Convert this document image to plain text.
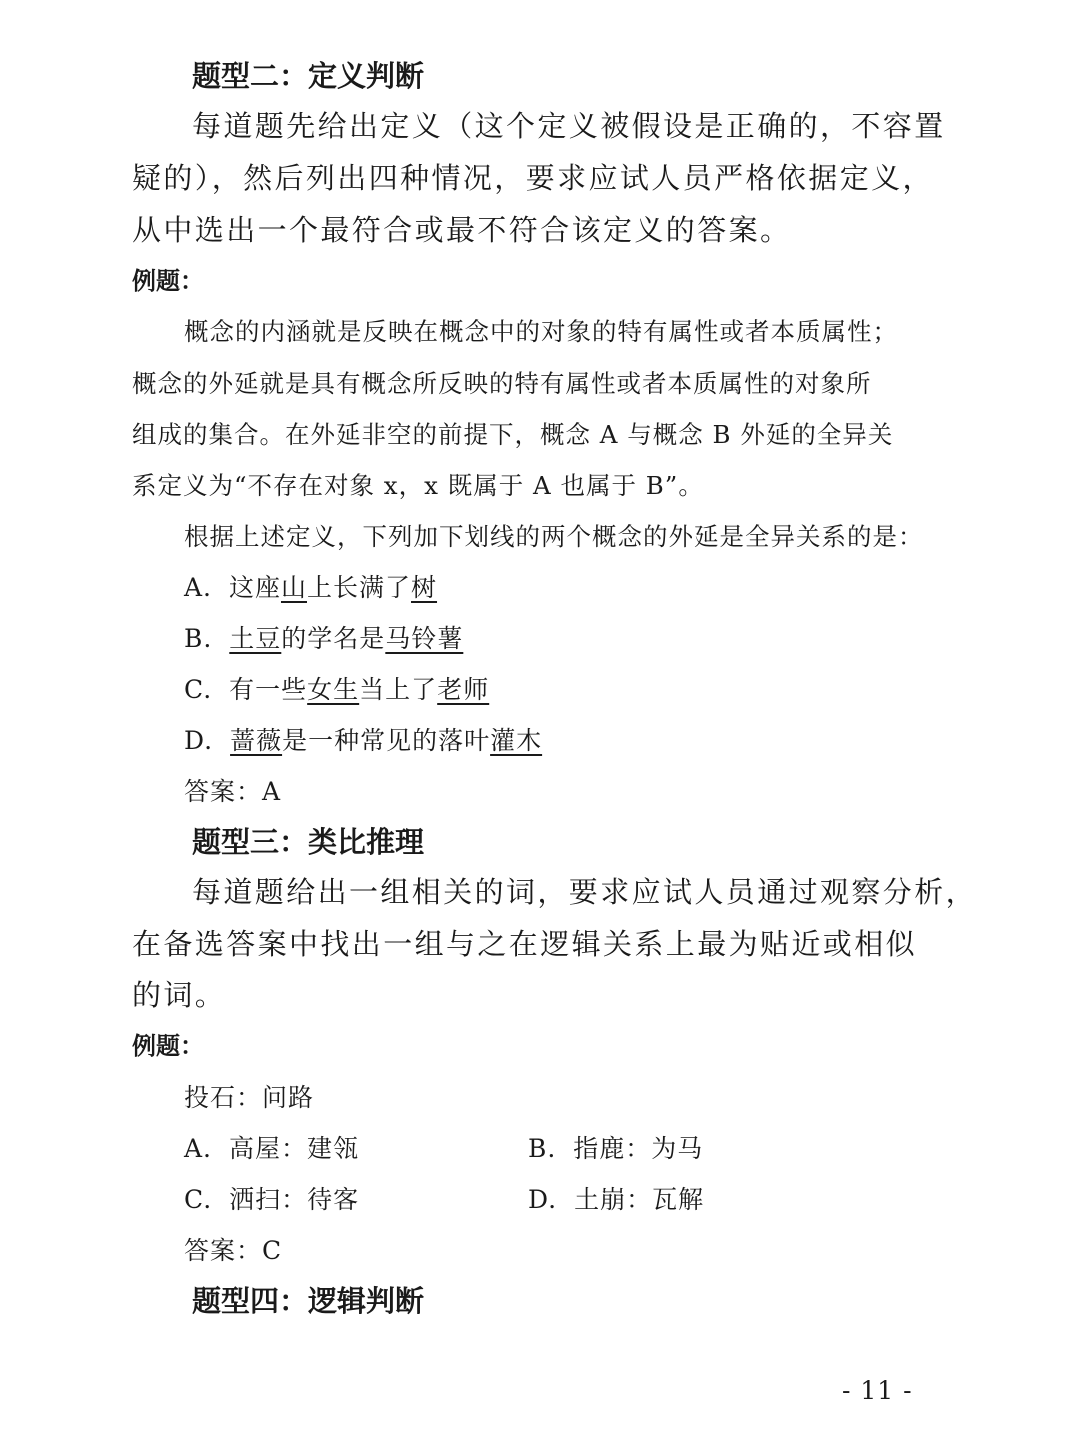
题型二：定义判断

每道题先给出定义（这个定义被假设是正确的，不容置

疑的），然后列出四种情况，要求应试人员严格依据定义，

从中选出一个最符合或最不符合该定义的答案。

例题：

概念的内涵就是反映在概念中的对象的特有属性或者本质属性；

概念的外延就是具有概念所反映的特有属性或者本质属性的对象所

组成的集合。在外延非空的前提下，概念 A 与概念 B 外延的全异关

系定义为“不存在对象 x，x 既属于 A 也属于 B”。

根据上述定义，下列加下划线的两个概念的外延是全异关系的是：

A. 这座山上长满了树
B. 土豆的学名是马铃薯
C. 有一些女生当上了老师
D. 蔷薇是一种常见的落叶灌木

答案：A

题型三：类比推理

每道题给出一组相关的词，要求应试人员通过观察分析，

在备选答案中找出一组与之在逻辑关系上最为贴近或相似

的词。

例题：

投石：问路

A. 高屋：建瓴	B. 指鹿：为马
C. 洒扫：待客	D. 土崩：瓦解

答案：C

题型四：逻辑判断
- 11 -
